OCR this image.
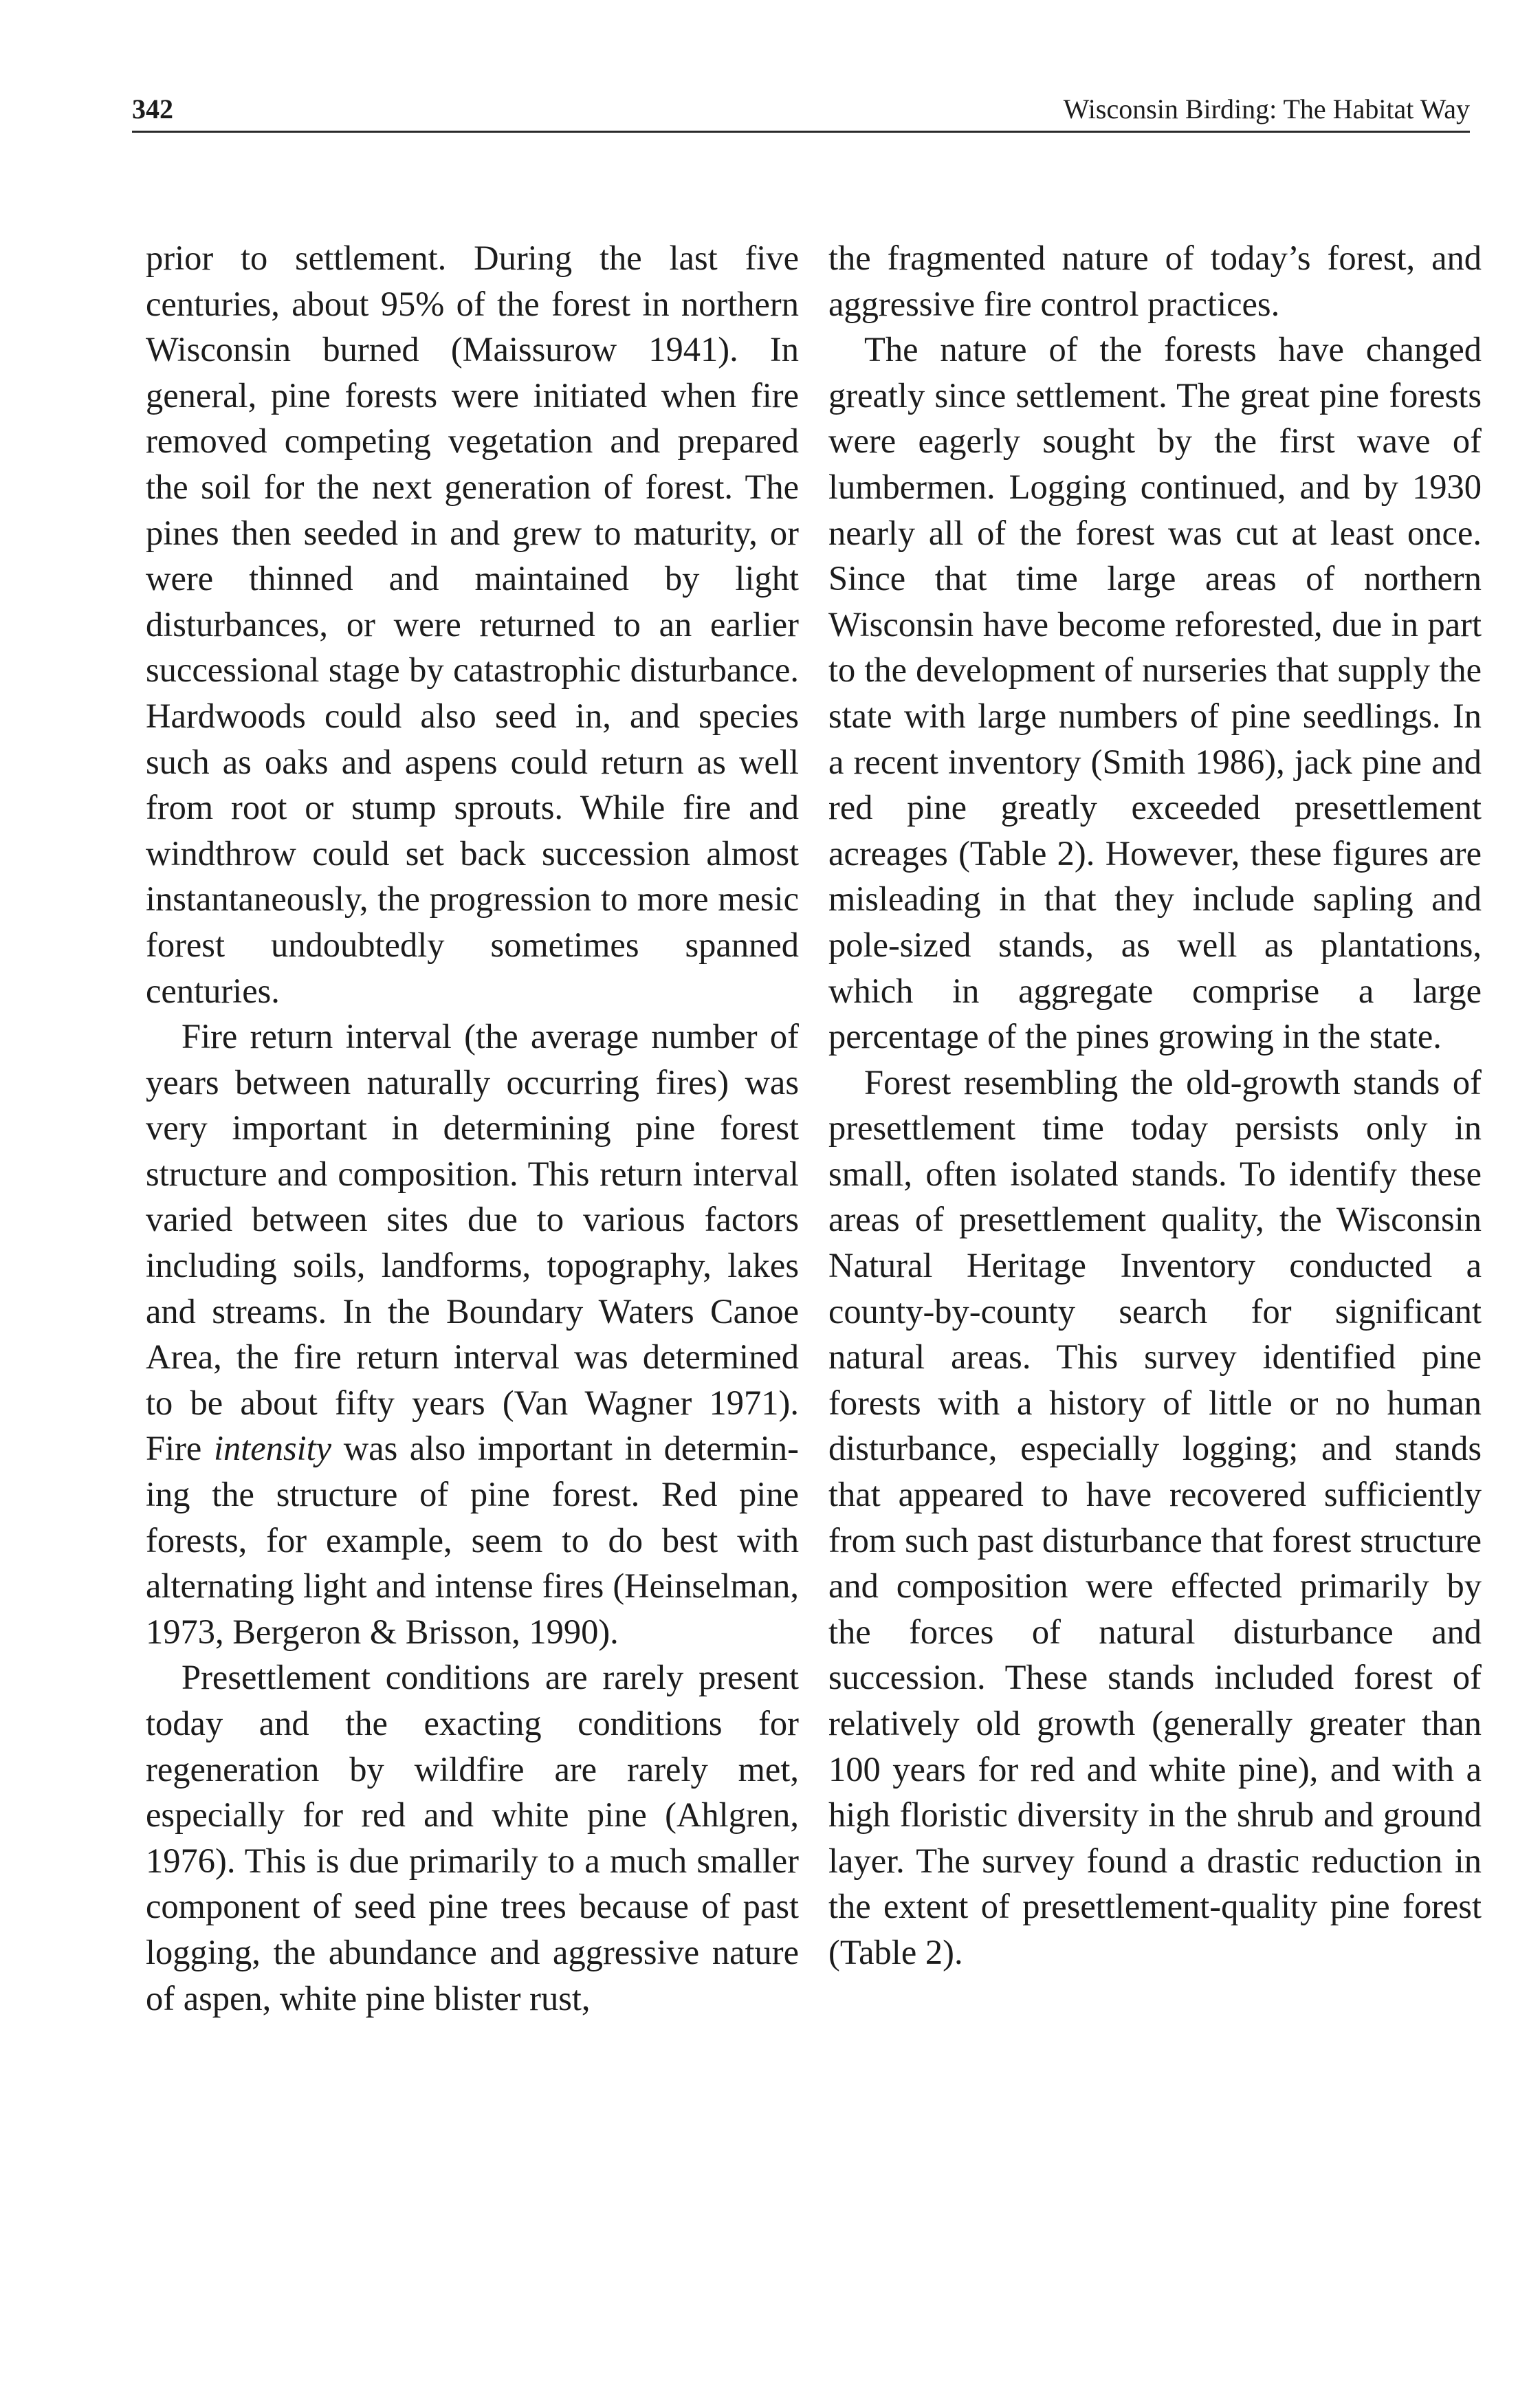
342	Wisconsin Birding: The Habitat Way

prior to settlement. During the last five centuries, about 95% of the forest in northern Wisconsin burned (Maissurow 1941). In general, pine forests were initiated when fire removed competing vegetation and prepared the soil for the next generation of forest. The pines then seeded in and grew to maturity, or were thinned and maintained by light disturbances, or were returned to an earlier successional stage by catastrophic disturbance. Hardwoods could also seed in, and species such as oaks and aspens could return as well from root or stump sprouts. While fire and windthrow could set back succession almost instantaneously, the progression to more mesic forest undoubtedly sometimes spanned centuries.

Fire return interval (the average number of years between naturally occurring fires) was very important in determining pine forest structure and composition. This return interval varied between sites due to various factors including soils, landforms, topography, lakes and streams. In the Boundary Waters Canoe Area, the fire return interval was determined to be about fifty years (Van Wagner 1971). Fire intensity was also important in determining the structure of pine forest. Red pine forests, for example, seem to do best with alternating light and intense fires (Heinselman, 1973, Bergeron & Brisson, 1990).

Presettlement conditions are rarely present today and the exacting conditions for regeneration by wildfire are rarely met, especially for red and white pine (Ahlgren, 1976). This is due primarily to a much smaller component of seed pine trees because of past logging, the abundance and aggressive nature of aspen, white pine blister rust,

the fragmented nature of today’s forest, and aggressive fire control practices.

The nature of the forests have changed greatly since settlement. The great pine forests were eagerly sought by the first wave of lumbermen. Logging continued, and by 1930 nearly all of the forest was cut at least once. Since that time large areas of northern Wisconsin have become reforested, due in part to the development of nurseries that supply the state with large numbers of pine seedlings. In a recent inventory (Smith 1986), jack pine and red pine greatly exceeded presettlement acreages (Table 2). However, these figures are misleading in that they include sapling and pole-sized stands, as well as plantations, which in aggregate comprise a large percentage of the pines growing in the state.

Forest resembling the old-growth stands of presettlement time today persists only in small, often isolated stands. To identify these areas of presettlement quality, the Wisconsin Natural Heritage Inventory conducted a county-by-county search for significant natural areas. This survey identified pine forests with a history of little or no human disturbance, especially logging; and stands that appeared to have recovered sufficiently from such past disturbance that forest structure and composition were effected primarily by the forces of natural disturbance and succession. These stands included forest of relatively old growth (generally greater than 100 years for red and white pine), and with a high floristic diversity in the shrub and ground layer. The survey found a drastic reduction in the extent of presettlement-quality pine forest (Table 2).
